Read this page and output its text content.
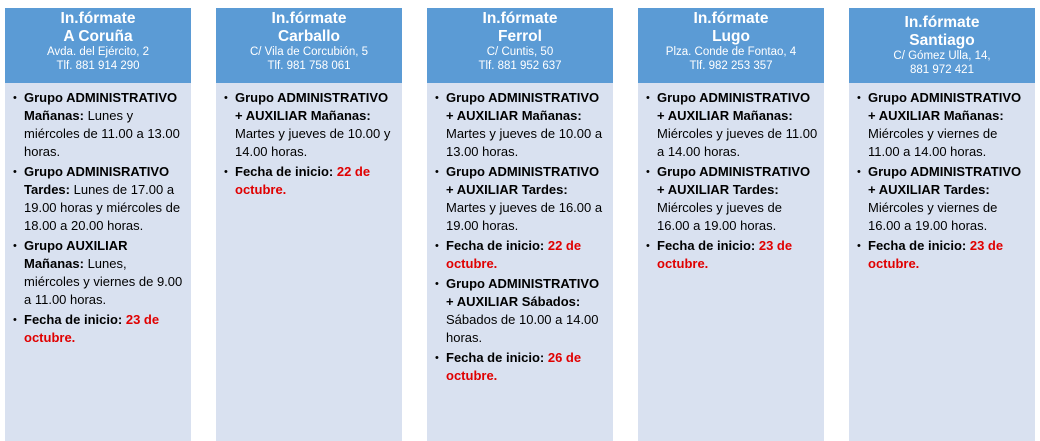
In.fórmate
A Coruña
Avda. del Ejército, 2
Tlf. 881 914 290
• Grupo ADMINISTRATIVO Mañanas: Lunes y miércoles de 11.00 a 13.00 horas.
• Grupo ADMINISRATIVO Tardes: Lunes de 17.00 a 19.00 horas y miércoles de 18.00 a 20.00 horas.
• Grupo AUXILIAR Mañanas: Lunes, miércoles y viernes de 9.00 a 11.00 horas.
• Fecha de inicio: 23 de octubre.
In.fórmate
Carballo
C/ Vila de Corcubión, 5
Tlf. 981 758 061
• Grupo ADMINISTRATIVO + AUXILIAR Mañanas: Martes y jueves de 10.00 y 14.00 horas.
• Fecha de inicio: 22 de octubre.
In.fórmate
Ferrol
C/ Cuntis, 50
Tlf. 881 952 637
• Grupo ADMINISTRATIVO + AUXILIAR Mañanas: Martes y jueves de 10.00 a 13.00 horas.
• Grupo ADMINISTRATIVO + AUXILIAR Tardes: Martes y jueves de 16.00 a 19.00 horas.
• Fecha de inicio: 22 de octubre.
• Grupo ADMINISTRATIVO + AUXILIAR Sábados: Sábados de 10.00 a 14.00 horas.
• Fecha de inicio: 26 de octubre.
In.fórmate
Lugo
Plza. Conde de Fontao, 4
Tlf. 982 253 357
• Grupo ADMINISTRATIVO + AUXILIAR Mañanas: Miércoles y jueves de 11.00 a 14.00 horas.
• Grupo ADMINISTRATIVO + AUXILIAR Tardes: Miércoles y jueves de 16.00 a 19.00 horas.
• Fecha de inicio: 23 de octubre.
In.fórmate
Santiago
C/ Gómez Ulla, 14,
881 972 421
• Grupo ADMINISTRATIVO + AUXILIAR Mañanas: Miércoles y viernes de 11.00 a 14.00 horas.
• Grupo ADMINISTRATIVO + AUXILIAR Tardes: Miércoles y viernes de 16.00 a 19.00 horas.
• Fecha de inicio: 23 de octubre.
